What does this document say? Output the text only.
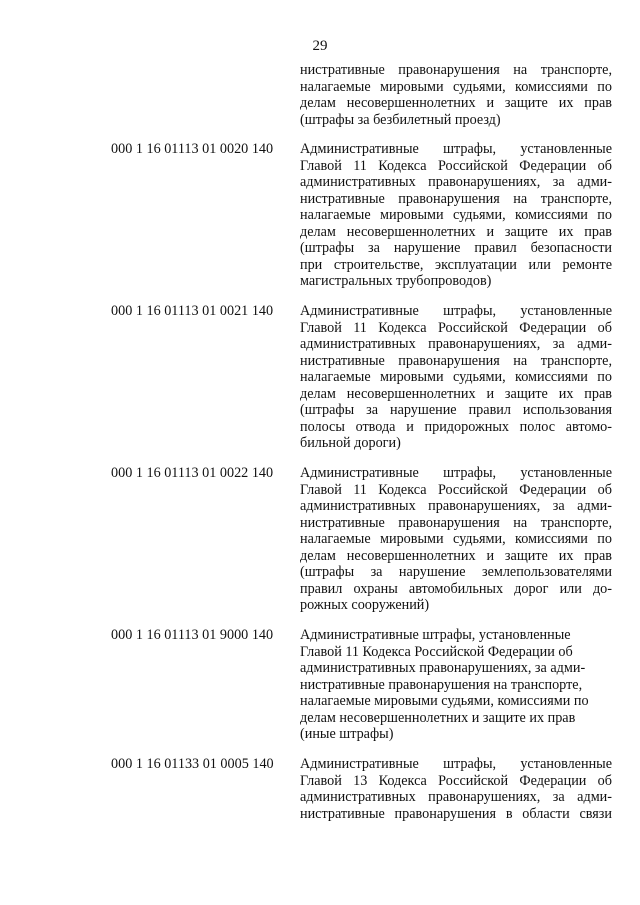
29
нистративные правонарушения на транспорте,
налагаемые мировыми судьями, комиссиями по
делам несовершеннолетних и защите их прав
(штрафы за безбилетный проезд)
000 1 16 01113 01 0020 140	Административные штрафы, установленные
Главой 11 Кодекса Российской Федерации об
административных правонарушениях, за адми-
нистративные правонарушения на транспорте,
налагаемые мировыми судьями, комиссиями по
делам несовершеннолетних и защите их прав
(штрафы за нарушение правил безопасности
при строительстве, эксплуатации или ремонте
магистральных трубопроводов)
000 1 16 01113 01 0021 140	Административные штрафы, установленные
Главой 11 Кодекса Российской Федерации об
административных правонарушениях, за адми-
нистративные правонарушения на транспорте,
налагаемые мировыми судьями, комиссиями по
делам несовершеннолетних и защите их прав
(штрафы за нарушение правил использования
полосы отвода и придорожных полос автомо-
бильной дороги)
000 1 16 01113 01 0022 140	Административные штрафы, установленные
Главой 11 Кодекса Российской Федерации об
административных правонарушениях, за адми-
нистративные правонарушения на транспорте,
налагаемые мировыми судьями, комиссиями по
делам несовершеннолетних и защите их прав
(штрафы за нарушение землепользователями
правил охраны автомобильных дорог или до-
рожных сооружений)
000 1 16 01113 01 9000 140	Административные штрафы, установленные
Главой 11 Кодекса Российской Федерации об
административных правонарушениях, за адми-
нистративные правонарушения на транспорте,
налагаемые мировыми судьями, комиссиями по
делам несовершеннолетних и защите их прав
(иные штрафы)
000 1 16 01133 01 0005 140	Административные штрафы, установленные
Главой 13 Кодекса Российской Федерации об
административных правонарушениях, за адми-
нистративные правонарушения в области связи
